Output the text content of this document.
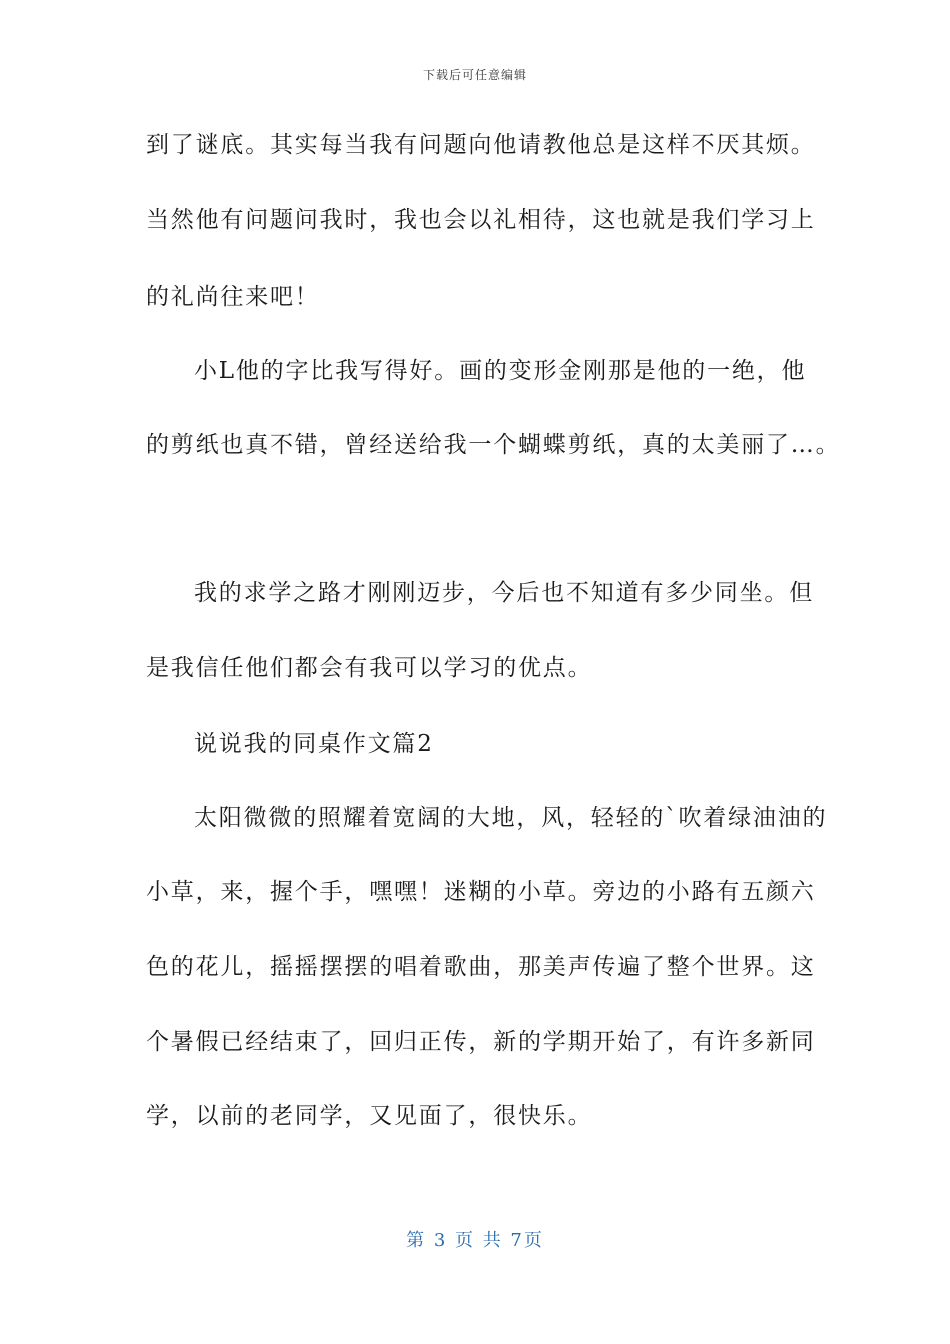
下载后可任意编辑
到了谜底。其实每当我有问题向他请教他总是这样不厌其烦。
当然他有问题问我时，我也会以礼相待，这也就是我们学习上
的礼尚往来吧！
小L他的字比我写得好。画的变形金刚那是他的一绝，他
的剪纸也真不错，曾经送给我一个蝴蝶剪纸，真的太美丽了…。
我的求学之路才刚刚迈步，今后也不知道有多少同坐。但
是我信任他们都会有我可以学习的优点。
说说我的同桌作文篇2
太阳微微的照耀着宽阔的大地，风，轻轻的`吹着绿油油的
小草，来，握个手，嘿嘿！迷糊的小草。旁边的小路有五颜六
色的花儿，摇摇摆摆的唱着歌曲，那美声传遍了整个世界。这
个暑假已经结束了，回归正传，新的学期开始了，有许多新同
学，以前的老同学，又见面了，很快乐。
第 3 页 共 7页
